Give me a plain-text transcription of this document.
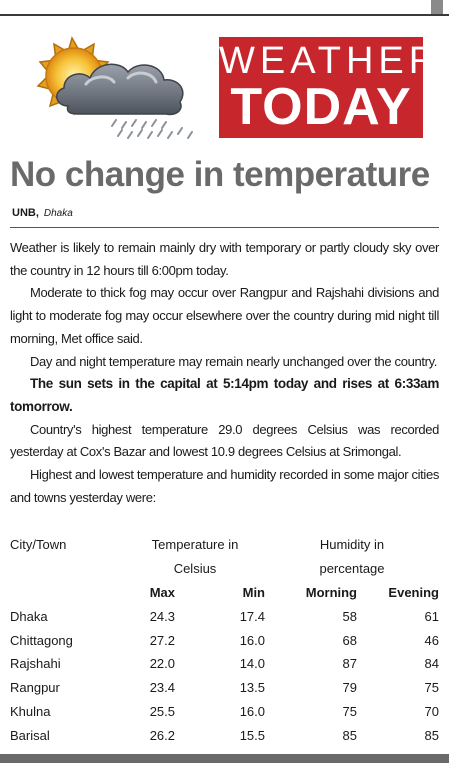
WEATHER
TODAY
No change in temperature
UNB, Dhaka

Weather is likely to remain mainly dry with temporary or partly cloudy sky over the country in 12 hours till 6:00pm today.

Moderate to thick fog may occur over Rangpur and Rajshahi divisions and light to moderate fog may occur elsewhere over the country during mid night till morning, Met office said.

Day and night temperature may remain nearly unchanged over the country.

The sun sets in the capital at 5:14pm today and rises at 6:33am tomorrow.

Country's highest temperature 29.0 degrees Celsius was recorded yesterday at Cox's Bazar and lowest 10.9 degrees Celsius at Srimongal.

Highest and lowest temperature and humidity recorded in some major cities and towns yesterday were:

City/Town	Temperature in		Humidity in	
	Celsius		percentage	
	Max	Min	Morning	Evening
Dhaka	24.3	17.4	58	61
Chittagong	27.2	16.0	68	46
Rajshahi	22.0	14.0	87	84
Rangpur	23.4	13.5	79	75
Khulna	25.5	16.0	75	70
Barisal	26.2	15.5	85	85
